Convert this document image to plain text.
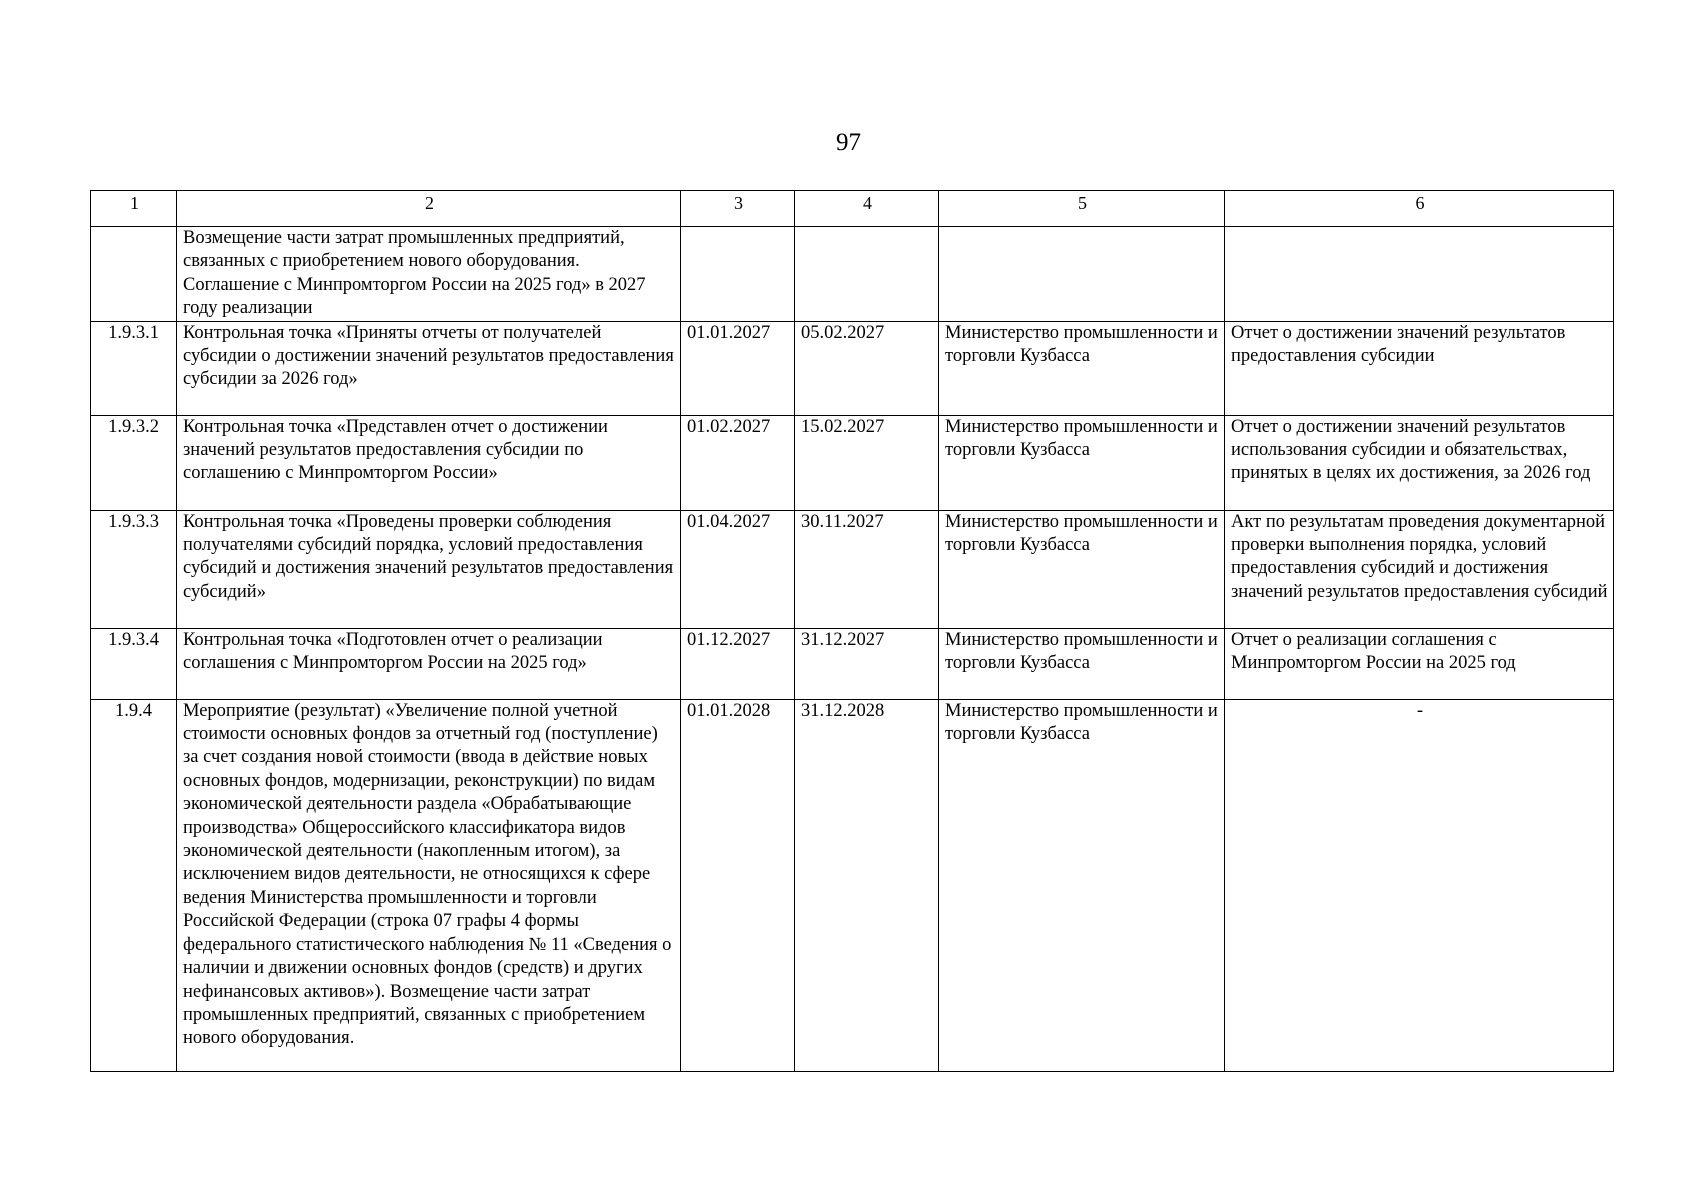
97
1	2	3	4	5	6
	Возмещение части затрат промышленных предприятий, связанных с приобретением нового оборудования. Соглашение с Минпромторгом России на 2025 год» в 2027 году реализации				
1.9.3.1	Контрольная точка «Приняты отчеты от получателей субсидии о достижении значений результатов предоставления субсидии за 2026 год»	01.01.2027	05.02.2027	Министерство промышленности и торговли Кузбасса	Отчет о достижении значений результатов предоставления субсидии
1.9.3.2	Контрольная точка «Представлен отчет о достижении значений результатов предоставления субсидии по соглашению с Минпромторгом России»	01.02.2027	15.02.2027	Министерство промышленности и торговли Кузбасса	Отчет о достижении значений результатов использования субсидии и обязательствах, принятых в целях их достижения, за 2026 год
1.9.3.3	Контрольная точка «Проведены проверки соблюдения получателями субсидий порядка, условий предоставления субсидий и достижения значений результатов предоставления субсидий»	01.04.2027	30.11.2027	Министерство промышленности и торговли Кузбасса	Акт по результатам проведения документарной проверки выполнения порядка, условий предоставления субсидий и достижения значений результатов предоставления субсидий
1.9.3.4	Контрольная точка «Подготовлен отчет о реализации соглашения с Минпромторгом России на 2025 год»	01.12.2027	31.12.2027	Министерство промышленности и торговли Кузбасса	Отчет о реализации соглашения с Минпромторгом России на 2025 год
1.9.4	Мероприятие (результат) «Увеличение полной учетной стоимости основных фондов за отчетный год (поступление) за счет создания новой стоимости (ввода в действие новых основных фондов, модернизации, реконструкции) по видам экономической деятельности раздела «Обрабатывающие производства» Общероссийского классификатора видов экономической деятельности (накопленным итогом), за исключением видов деятельности, не относящихся к сфере ведения Министерства промышленности и торговли Российской Федерации (строка 07 графы 4 формы федерального статистического наблюдения № 11 «Сведения о наличии и движении основных фондов (средств) и других нефинансовых активов»). Возмещение части затрат промышленных предприятий, связанных с приобретением нового оборудования.	01.01.2028	31.12.2028	Министерство промышленности и торговли Кузбасса	-
